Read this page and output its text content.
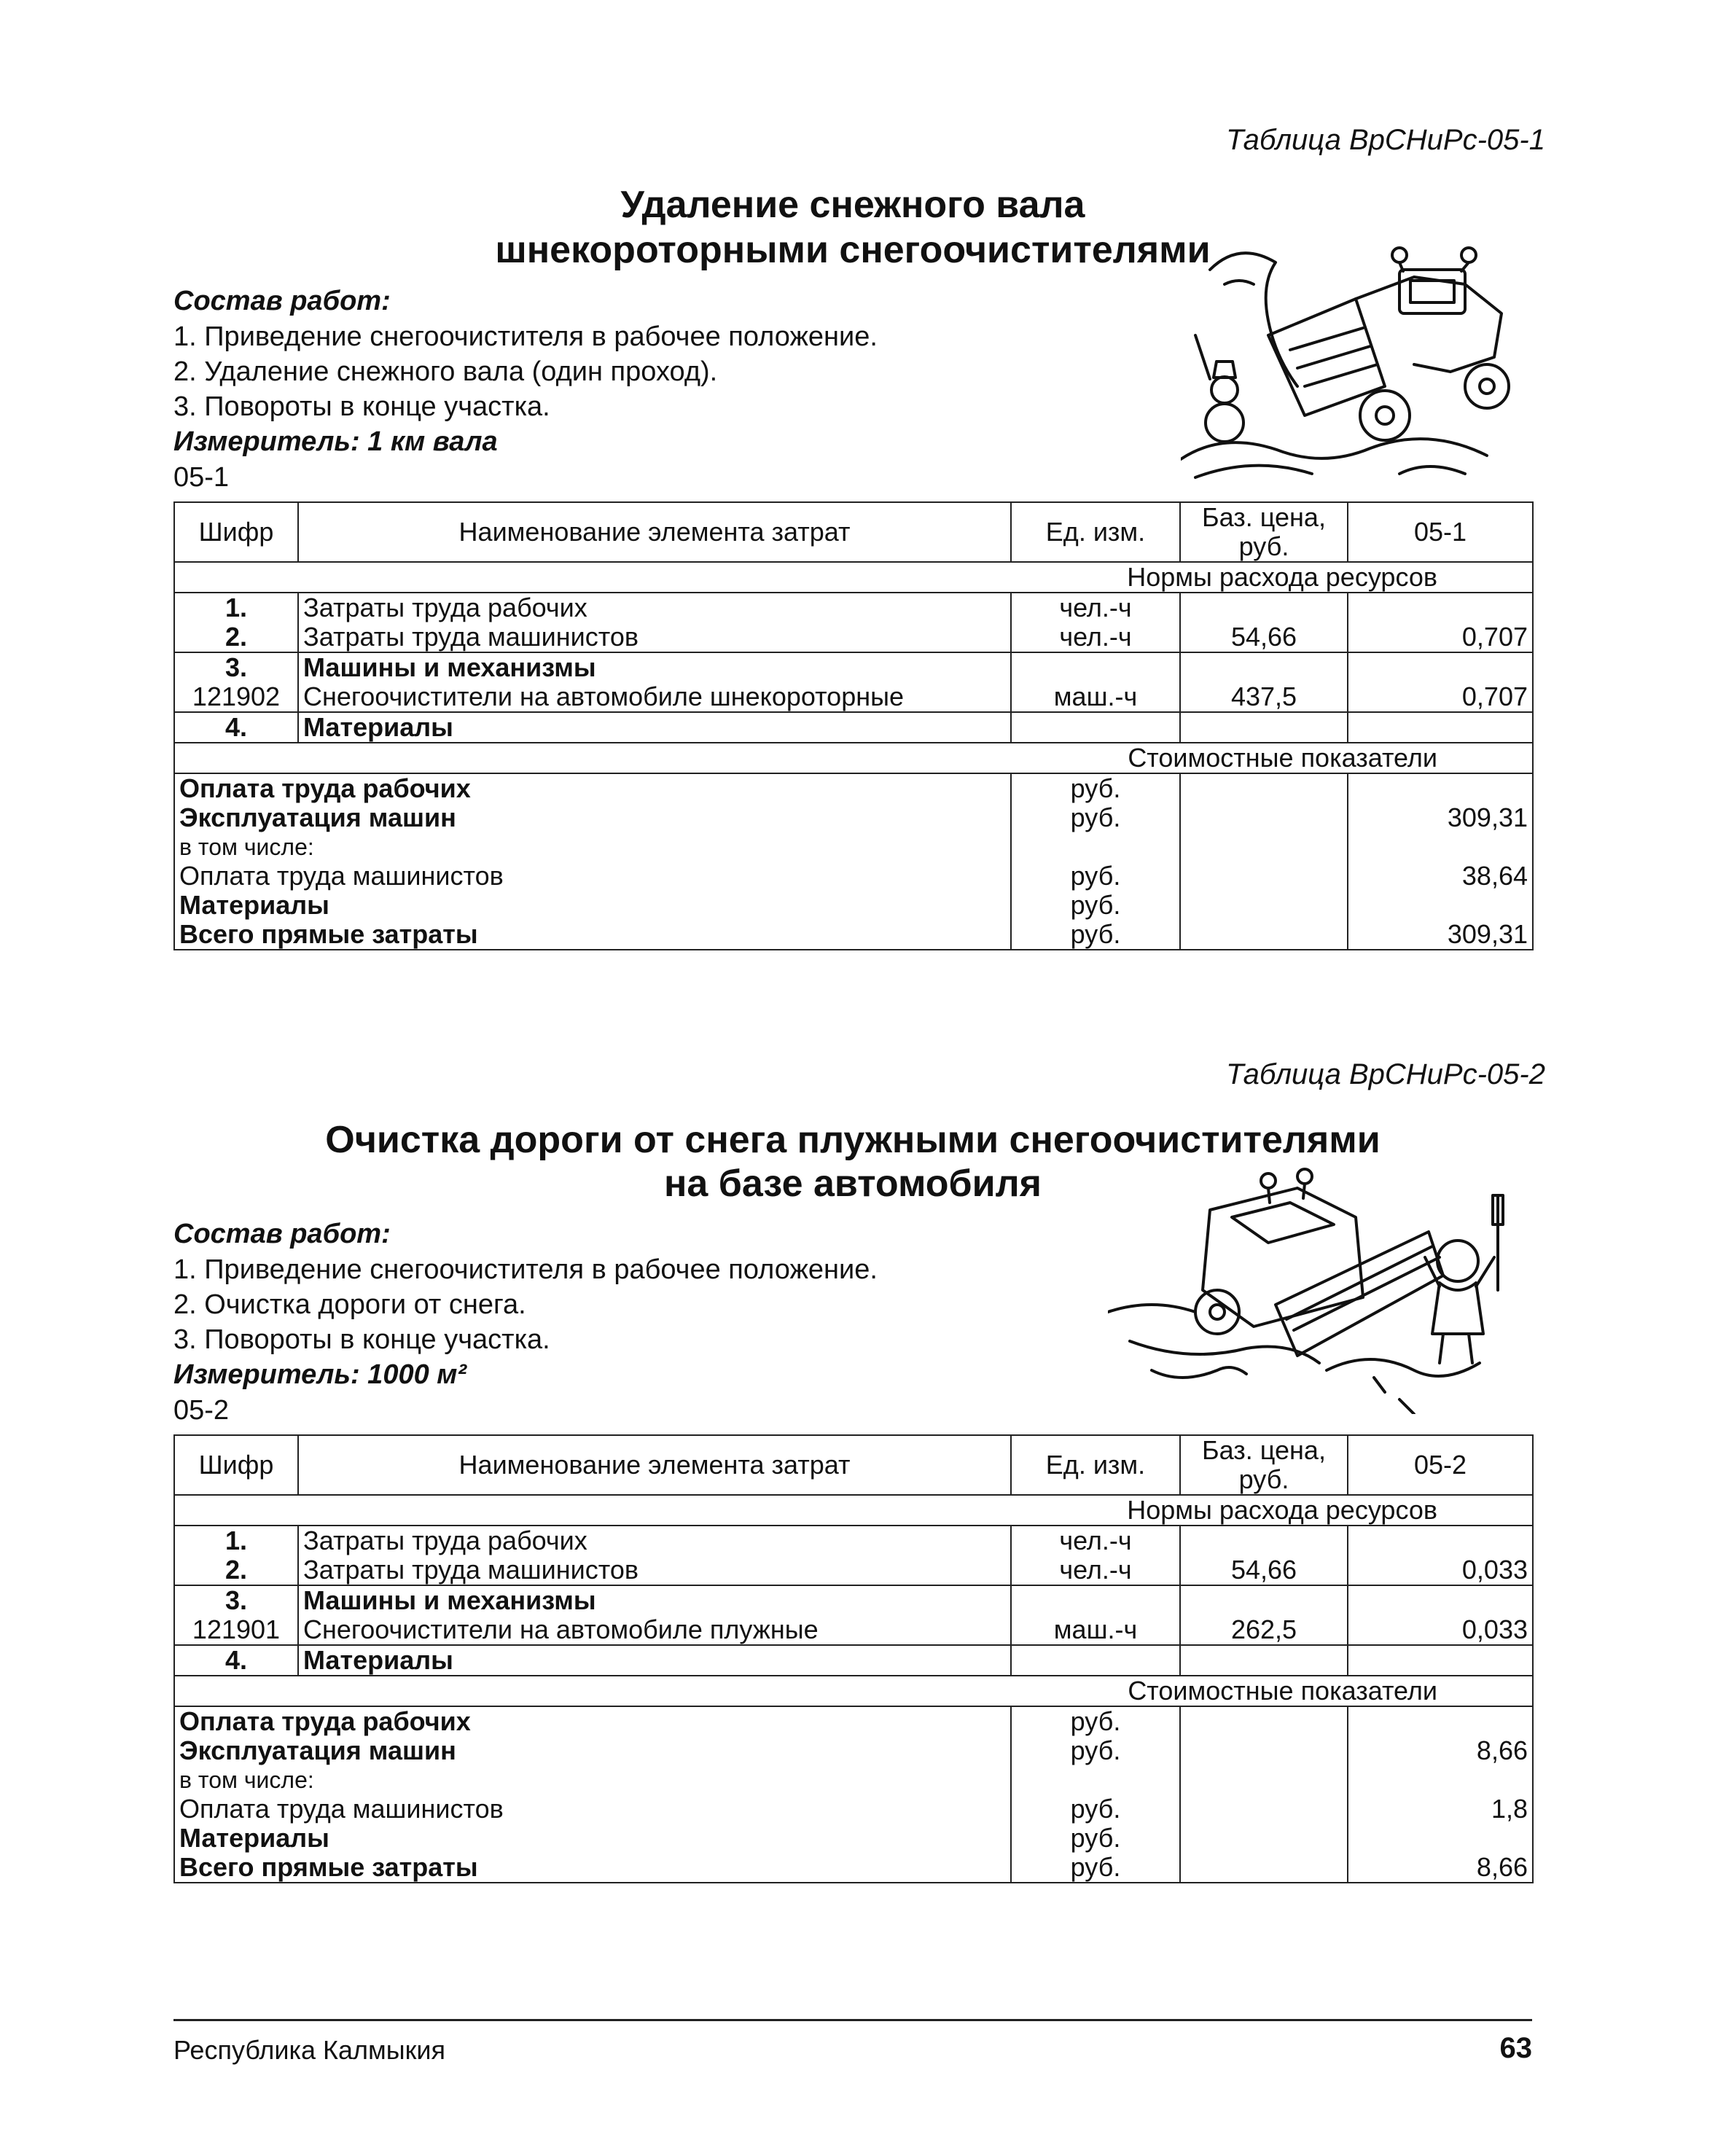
Таблица ВрСНиРс-05-1
Удаление снежного вала
шнекороторными снегоочистителями
Состав работ:
1. Приведение снегоочистителя в рабочее положение.
2. Удаление снежного вала (один проход).
3. Повороты в конце участка.
Измеритель: 1 км вала
05-1
Шифр	Наименование элемента затрат	Ед. изм.	Баз. цена, руб.	05-1
Нормы расхода ресурсов				
1.	Затраты труда рабочих	чел.-ч		
2.	Затраты труда машинистов	чел.-ч	54,66	0,707
3.	Машины и механизмы			
121902	Снегоочистители на автомобиле шнекороторные	маш.-ч	437,5	0,707
4.	Материалы			
Стоимостные показатели				
Оплата труда рабочих		руб.		
Эксплуатация машин		руб.		309,31
в том числе:				
Оплата труда машинистов		руб.		38,64
Материалы		руб.		
Всего прямые затраты		руб.		309,31
Таблица ВрСНиРс-05-2
Очистка дороги от снега плужными снегоочистителями
на базе автомобиля
Состав работ:
1. Приведение снегоочистителя в рабочее положение.
2. Очистка дороги от снега.
3. Повороты в конце участка.
Измеритель: 1000 м²
05-2
Шифр	Наименование элемента затрат	Ед. изм.	Баз. цена, руб.	05-2
Нормы расхода ресурсов				
1.	Затраты труда рабочих	чел.-ч		
2.	Затраты труда машинистов	чел.-ч	54,66	0,033
3.	Машины и механизмы			
121901	Снегоочистители на автомобиле плужные	маш.-ч	262,5	0,033
4.	Материалы			
Стоимостные показатели				
Оплата труда рабочих		руб.		
Эксплуатация машин		руб.		8,66
в том числе:				
Оплата труда машинистов		руб.		1,8
Материалы		руб.		
Всего прямые затраты		руб.		8,66
Республика Калмыкия	63
